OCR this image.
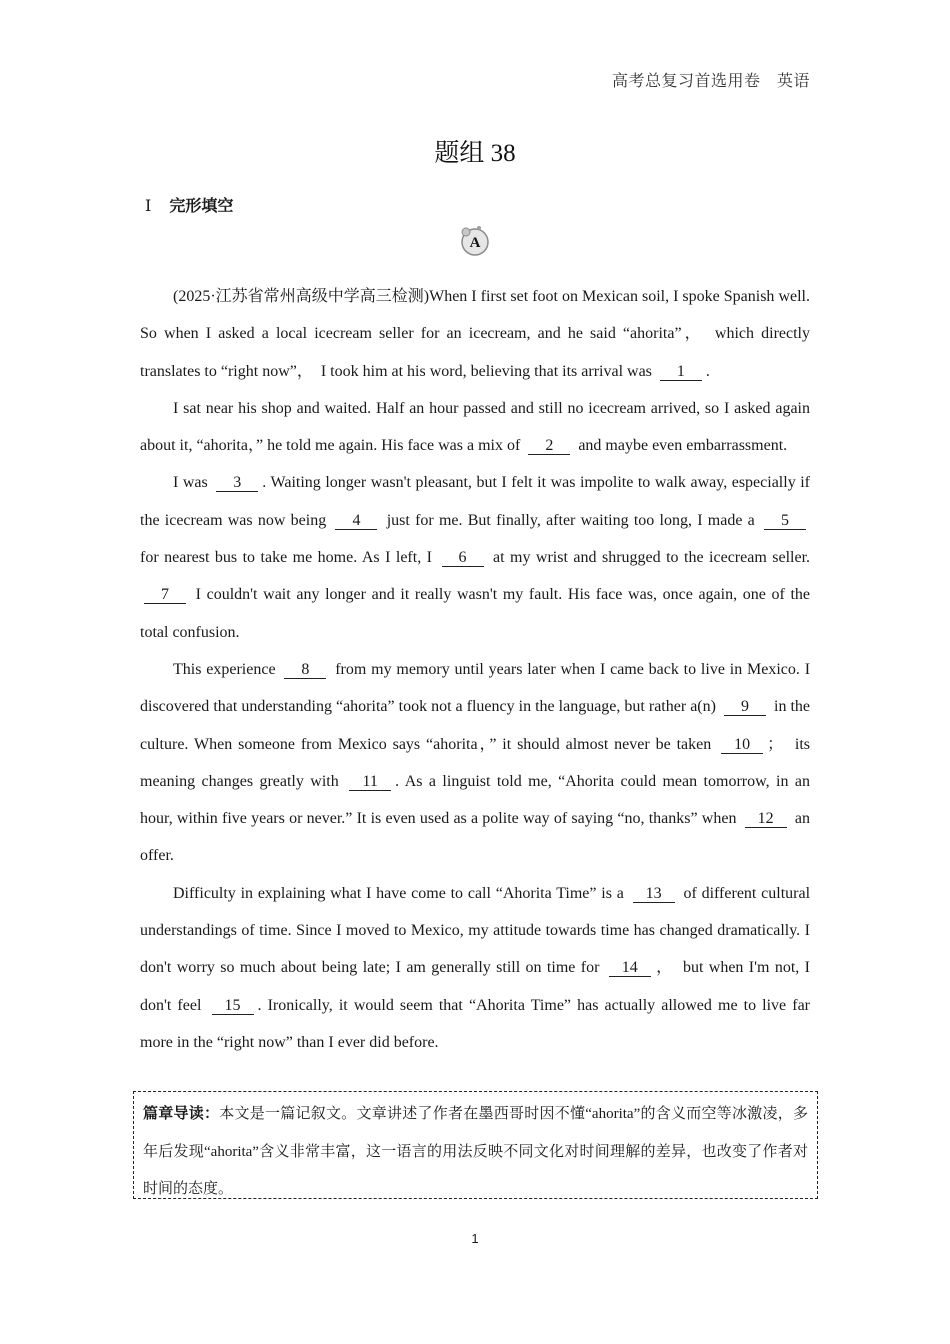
高考总复习首选用卷　英语
题组 38
Ⅰ 完形填空
A

(2025·江苏省常州高级中学高三检测)When I first set foot on Mexican soil, I spoke Spanish well. So when I asked a local icecream seller for an icecream, and he said “ahorita”，　which directly translates to “right now”，　I took him at his word, believing that its arrival was 1 .

I sat near his shop and waited. Half an hour passed and still no icecream arrived, so I asked again about it, “ahorita，” he told me again. His face was a mix of 2 and maybe even embarrassment.

I was 3 . Waiting longer wasn't pleasant, but I felt it was impolite to walk away, especially if the icecream was now being 4 just for me. But finally, after waiting too long, I made a 5 for nearest bus to take me home. As I left, I 6 at my wrist and shrugged to the icecream seller. 7 I couldn't wait any longer and it really wasn't my fault. His face was, once again, one of the total confusion.

This experience 8 from my memory until years later when I came back to live in Mexico. I discovered that understanding “ahorita” took not a fluency in the language, but rather a(n) 9 in the culture. When someone from Mexico says “ahorita，” it should almost never be taken 10 ；　its meaning changes greatly with 11 . As a linguist told me, “Ahorita could mean tomorrow, in an hour, within five years or never.” It is even used as a polite way of saying “no, thanks” when 12 an offer.

Difficulty in explaining what I have come to call “Ahorita Time” is a 13 of different cultural understandings of time. Since I moved to Mexico, my attitude towards time has changed dramatically. I don't worry so much about being late; I am generally still on time for 14 ，　but when I'm not, I don't feel 15 . Ironically, it would seem that “Ahorita Time” has actually allowed me to live far more in the “right now” than I ever did before.

篇章导读：本文是一篇记叙文。文章讲述了作者在墨西哥时因不懂“ahorita”的含义而空等冰激凌，多年后发现“ahorita”含义非常丰富，这一语言的用法反映不同文化对时间理解的差异，也改变了作者对时间的态度。
1
